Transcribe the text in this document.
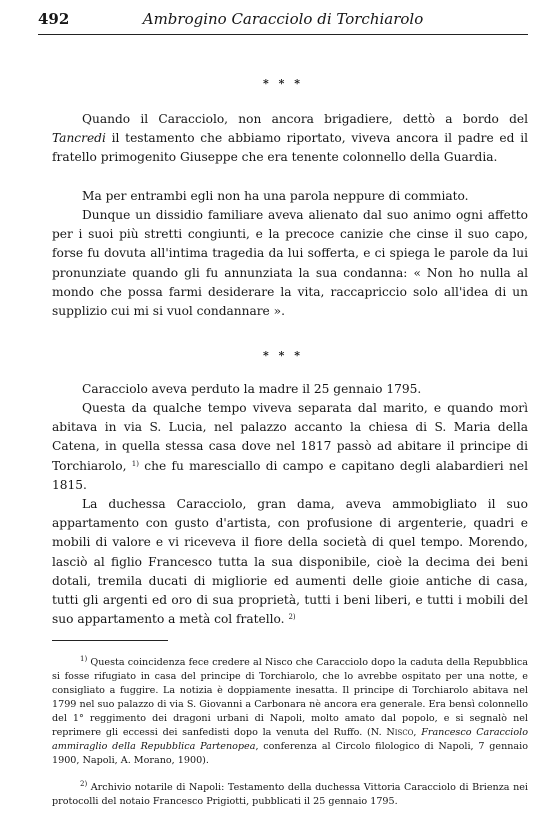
492	Ambrogino Caracciolo di Torchiarolo
* * *

Quando il Caracciolo, non ancora brigadiere, dettò a bordo del Tancredi il testamento che abbiamo riportato, viveva ancora il padre ed il fratello primogenito Giuseppe che era tenente colonnello della Guardia.

Ma per entrambi egli non ha una parola neppure di commiato.

Dunque un dissidio familiare aveva alienato dal suo animo ogni affetto per i suoi più stretti congiunti, e la precoce canizie che cinse il suo capo, forse fu dovuta all'intima tragedia da lui sofferta, e ci spiega le parole da lui pronunziate quando gli fu annunziata la sua condanna: « Non ho nulla al mondo che possa farmi desiderare la vita, raccapriccio solo all'idea di un supplizio cui mi si vuol condannare ».

* * *

Caracciolo aveva perduto la madre il 25 gennaio 1795.

Questa da qualche tempo viveva separata dal marito, e quando morì abitava in via S. Lucia, nel palazzo accanto la chiesa di S. Maria della Catena, in quella stessa casa dove nel 1817 passò ad abitare il principe di Torchiarolo, $^{1)}$ che fu maresciallo di campo e capitano degli alabardieri nel 1815.

La duchessa Caracciolo, gran dama, aveva ammobigliato il suo appartamento con gusto d'artista, con profusione di argenterie, quadri e mobili di valore e vi riceveva il fiore della società di quel tempo. Morendo, lasciò al figlio Francesco tutta la sua disponibile, cioè la decima dei beni dotali, tremila ducati di migliorie ed aumenti delle gioie antiche di casa, tutti gli argenti ed oro di sua proprietà, tutti i beni liberi, e tutti i mobili del suo appartamento a metà col fratello. $^{2)}$

$^{1)}$ Questa coincidenza fece credere al Nisco che Caracciolo dopo la caduta della Repubblica si fosse rifugiato in casa del principe di Torchiarolo, che lo avrebbe ospitato per una notte, e consigliato a fuggire. La notizia è doppiamente inesatta. Il principe di Torchiarolo abitava nel 1799 nel suo palazzo di via S. Giovanni a Carbonara nè ancora era generale. Era bensì colonnello del 1° reggimento dei dragoni urbani di Napoli, molto amato dal popolo, e si segnalò nel reprimere gli eccessi dei sanfedisti dopo la venuta del Ruffo. (N. Nisco, Francesco Caracciolo ammiraglio della Repubblica Partenopea, conferenza al Circolo filologico di Napoli, 7 gennaio 1900, Napoli, A. Morano, 1900).

$^{2)}$ Archivio notarile di Napoli: Testamento della duchessa Vittoria Caracciolo di Brienza nei protocolli del notaio Francesco Prigiotti, pubblicati il 25 gennaio 1795.
